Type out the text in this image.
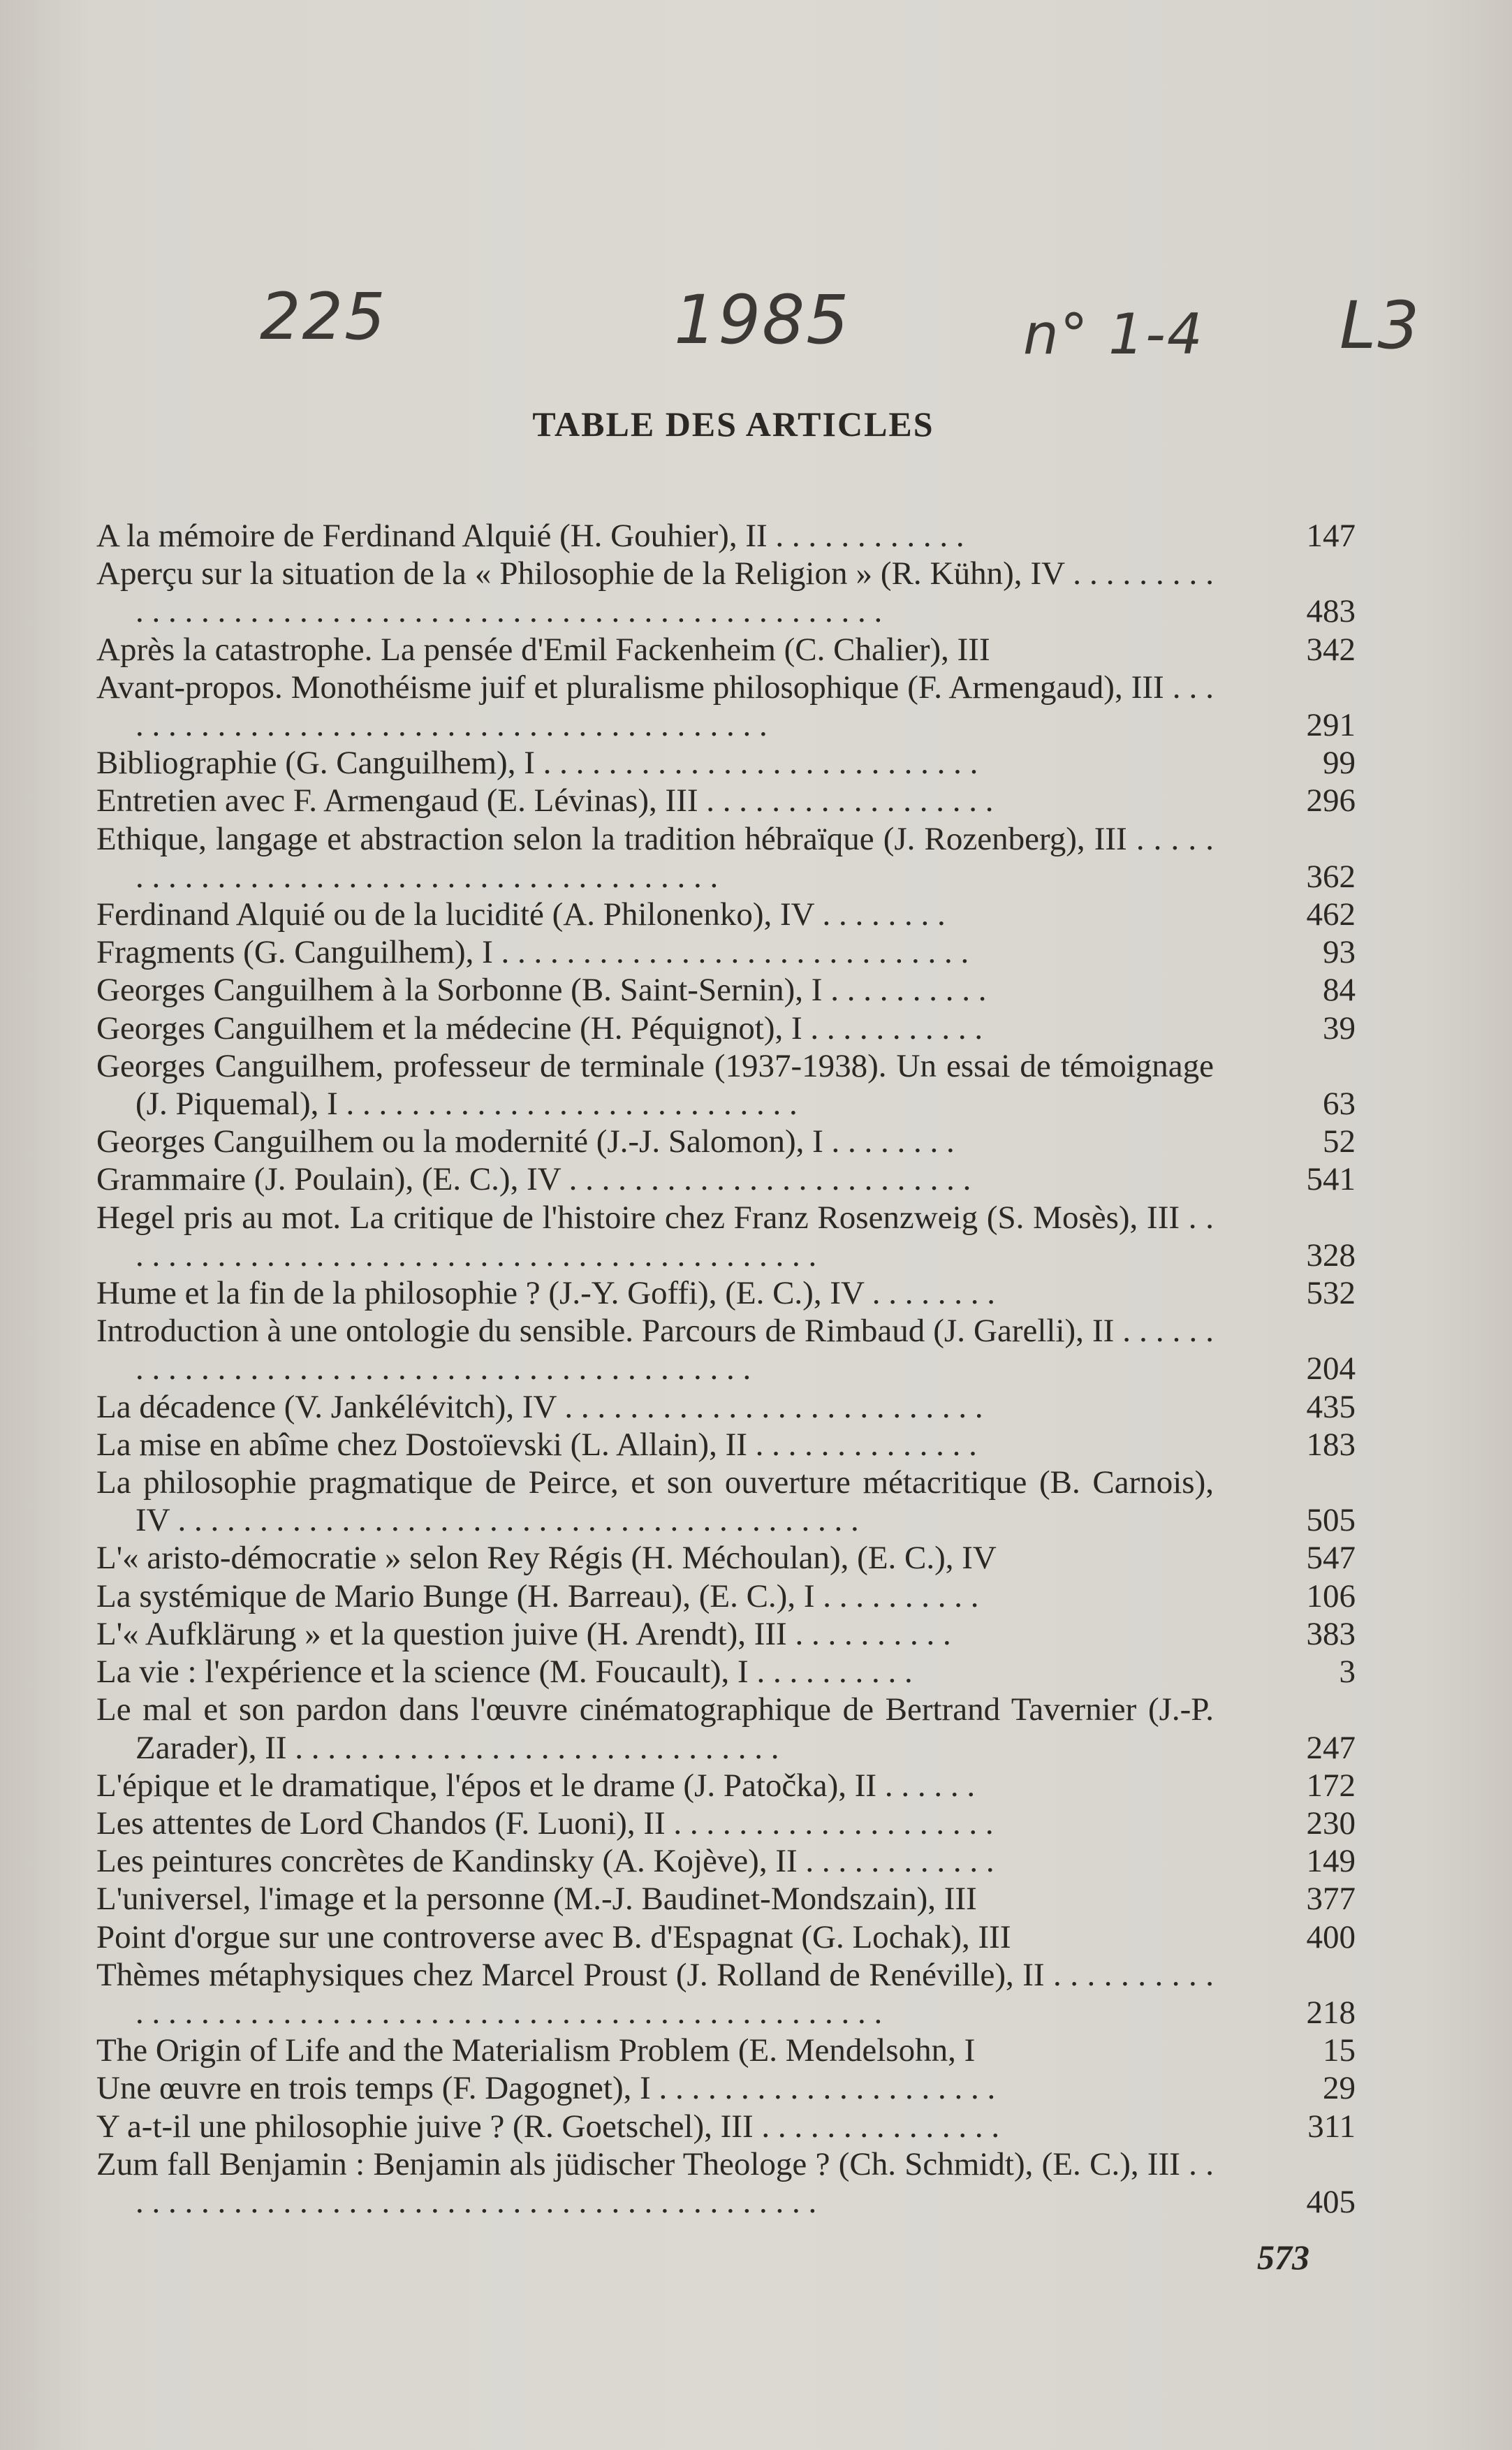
225	1985	n° 1-4 L3
TABLE DES ARTICLES
A la mémoire de Ferdinand Alquié (H. Gouhier), II . . . . . . . . . . . .	147
Aperçu sur la situation de la « Philosophie de la Religion » (R. Kühn), IV . . . . . . . . . . . . . . . . . . . . . . . . . . . . . . . . . . . . . . . . . . . . . . . . . . . . . . .	483
Après la catastrophe. La pensée d'Emil Fackenheim (C. Chalier), III	342
Avant-propos. Monothéisme juif et pluralisme philosophique (F. Armengaud), III . . . . . . . . . . . . . . . . . . . . . . . . . . . . . . . . . . . . . . . . . .	291
Bibliographie (G. Canguilhem), I . . . . . . . . . . . . . . . . . . . . . . . . . . .	99
Entretien avec F. Armengaud (E. Lévinas), III . . . . . . . . . . . . . . . . . .	296
Ethique, langage et abstraction selon la tradition hébraïque (J. Rozenberg), III . . . . . . . . . . . . . . . . . . . . . . . . . . . . . . . . . . . . . . . . .	362
Ferdinand Alquié ou de la lucidité (A. Philonenko), IV . . . . . . . .	462
Fragments (G. Canguilhem), I . . . . . . . . . . . . . . . . . . . . . . . . . . . . .	93
Georges Canguilhem à la Sorbonne (B. Saint-Sernin), I . . . . . . . . . .	84
Georges Canguilhem et la médecine (H. Péquignot), I . . . . . . . . . . .	39
Georges Canguilhem, professeur de terminale (1937-1938). Un essai de témoignage (J. Piquemal), I . . . . . . . . . . . . . . . . . . . . . . . . . . . .	63
Georges Canguilhem ou la modernité (J.-J. Salomon), I . . . . . . . .	52
Grammaire (J. Poulain), (E. C.), IV . . . . . . . . . . . . . . . . . . . . . . . . .	541
Hegel pris au mot. La critique de l'histoire chez Franz Rosenzweig (S. Mosès), III . . . . . . . . . . . . . . . . . . . . . . . . . . . . . . . . . . . . . . . . . . . .	328
Hume et la fin de la philosophie ? (J.-Y. Goffi), (E. C.), IV . . . . . . . .	532
Introduction à une ontologie du sensible. Parcours de Rimbaud (J. Garelli), II . . . . . . . . . . . . . . . . . . . . . . . . . . . . . . . . . . . . . . . . . . . .	204
La décadence (V. Jankélévitch), IV . . . . . . . . . . . . . . . . . . . . . . . . . .	435
La mise en abîme chez Dostoïevski (L. Allain), II . . . . . . . . . . . . . .	183
La philosophie pragmatique de Peirce, et son ouverture métacritique (B. Carnois), IV . . . . . . . . . . . . . . . . . . . . . . . . . . . . . . . . . . . . . . . . . .	505
L'« aristo-démocratie » selon Rey Régis (H. Méchoulan), (E. C.), IV	547
La systémique de Mario Bunge (H. Barreau), (E. C.), I . . . . . . . . . .	106
L'« Aufklärung » et la question juive (H. Arendt), III . . . . . . . . . .	383
La vie : l'expérience et la science (M. Foucault), I . . . . . . . . . .	3
Le mal et son pardon dans l'œuvre cinématographique de Bertrand Tavernier (J.-P. Zarader), II . . . . . . . . . . . . . . . . . . . . . . . . . . . . . .	247
L'épique et le dramatique, l'épos et le drame (J. Patočka), II . . . . . .	172
Les attentes de Lord Chandos (F. Luoni), II . . . . . . . . . . . . . . . . . . . .	230
Les peintures concrètes de Kandinsky (A. Kojève), II . . . . . . . . . . . .	149
L'universel, l'image et la personne (M.-J. Baudinet-Mondszain), III	377
Point d'orgue sur une controverse avec B. d'Espagnat (G. Lochak), III	400
Thèmes métaphysiques chez Marcel Proust (J. Rolland de Renéville), II . . . . . . . . . . . . . . . . . . . . . . . . . . . . . . . . . . . . . . . . . . . . . . . . . . . . . . . .	218
The Origin of Life and the Materialism Problem (E. Mendelsohn, I	15
Une œuvre en trois temps (F. Dagognet), I . . . . . . . . . . . . . . . . . . . . .	29
Y a-t-il une philosophie juive ? (R. Goetschel), III . . . . . . . . . . . . . . .	311
Zum fall Benjamin : Benjamin als jüdischer Theologe ? (Ch. Schmidt), (E. C.), III . . . . . . . . . . . . . . . . . . . . . . . . . . . . . . . . . . . . . . . . . . . .	405
573
